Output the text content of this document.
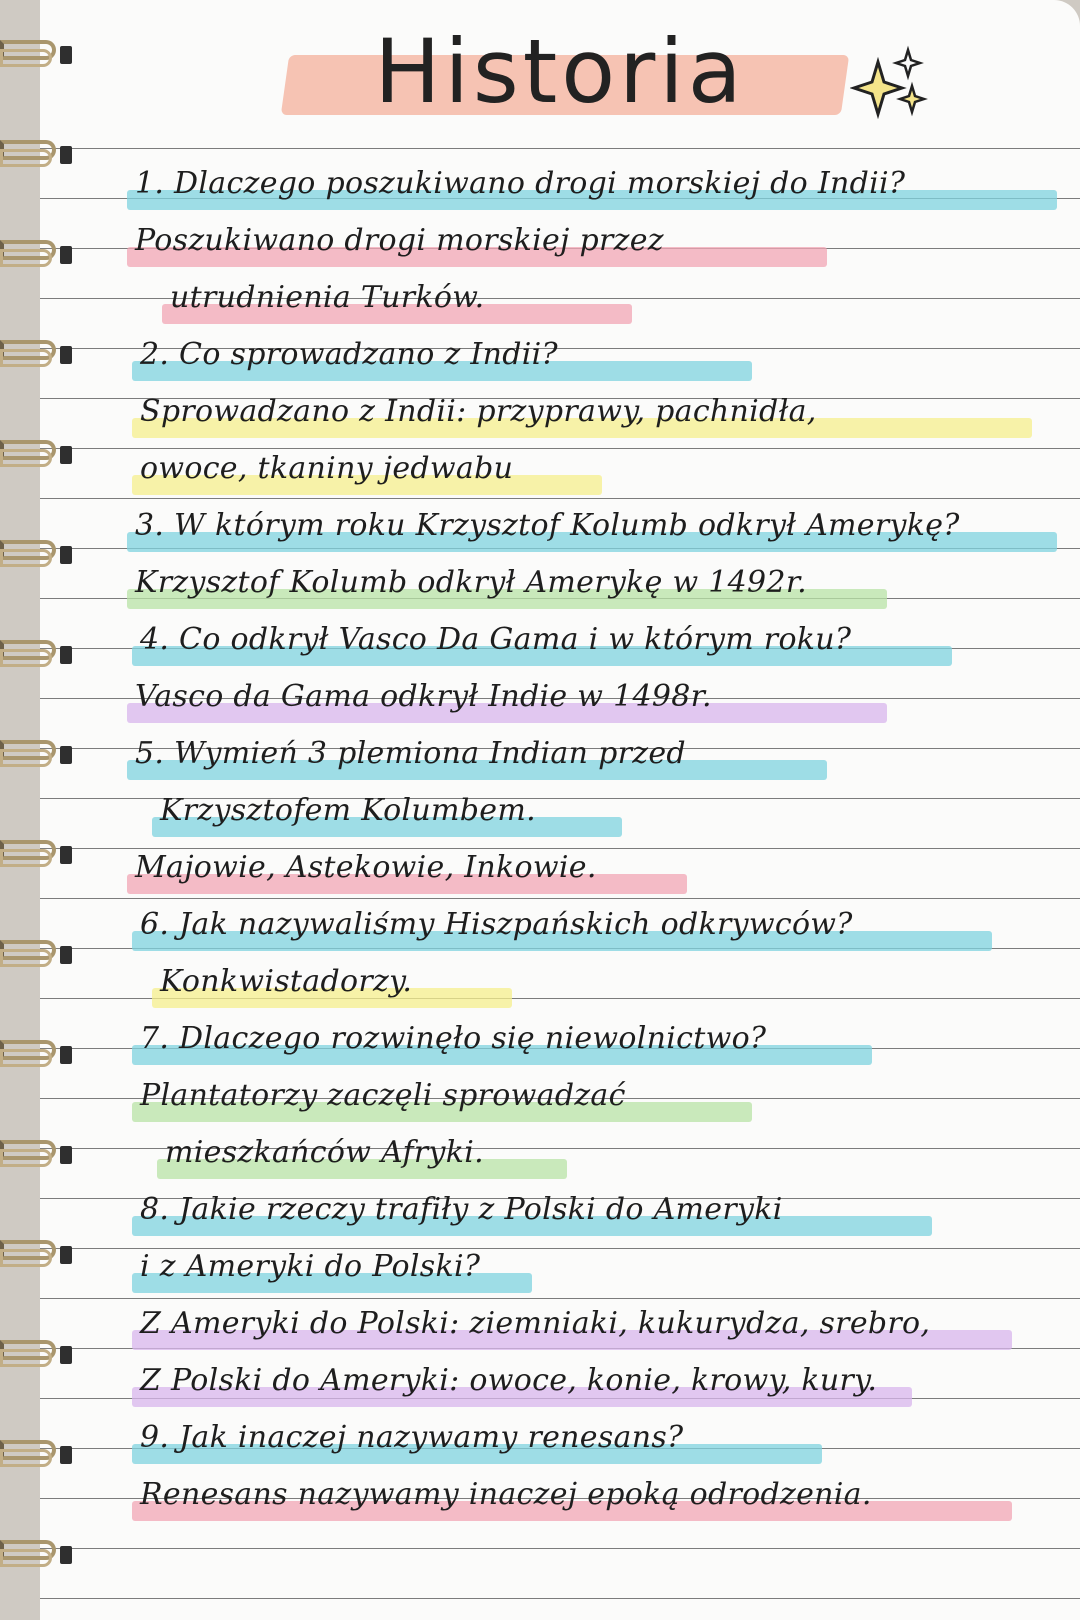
Historia
1. Dlaczego poszukiwano drogi morskiej do Indii?
Poszukiwano drogi morskiej przez
utrudnienia Turków.
2. Co sprowadzano z Indii?
Sprowadzano z Indii: przyprawy, pachnidła,
owoce, tkaniny jedwabu
3. W którym roku Krzysztof Kolumb odkrył Amerykę?
Krzysztof Kolumb odkrył Amerykę w 1492r.
4. Co odkrył Vasco Da Gama i w którym roku?
Vasco da Gama odkrył Indie w 1498r.
5. Wymień 3 plemiona Indian przed
Krzysztofem Kolumbem.
Majowie, Astekowie, Inkowie.
6. Jak nazywaliśmy Hiszpańskich odkrywców?
Konkwistadorzy.
7. Dlaczego rozwinęło się niewolnictwo?
Plantatorzy zaczęli sprowadzać
mieszkańców Afryki.
8. Jakie rzeczy trafiły z Polski do Ameryki
i z Ameryki do Polski?
Z Ameryki do Polski: ziemniaki, kukurydza, srebro,
Z Polski do Ameryki: owoce, konie, krowy, kury.
9. Jak inaczej nazywamy renesans?
Renesans nazywamy inaczej epoką odrodzenia.
